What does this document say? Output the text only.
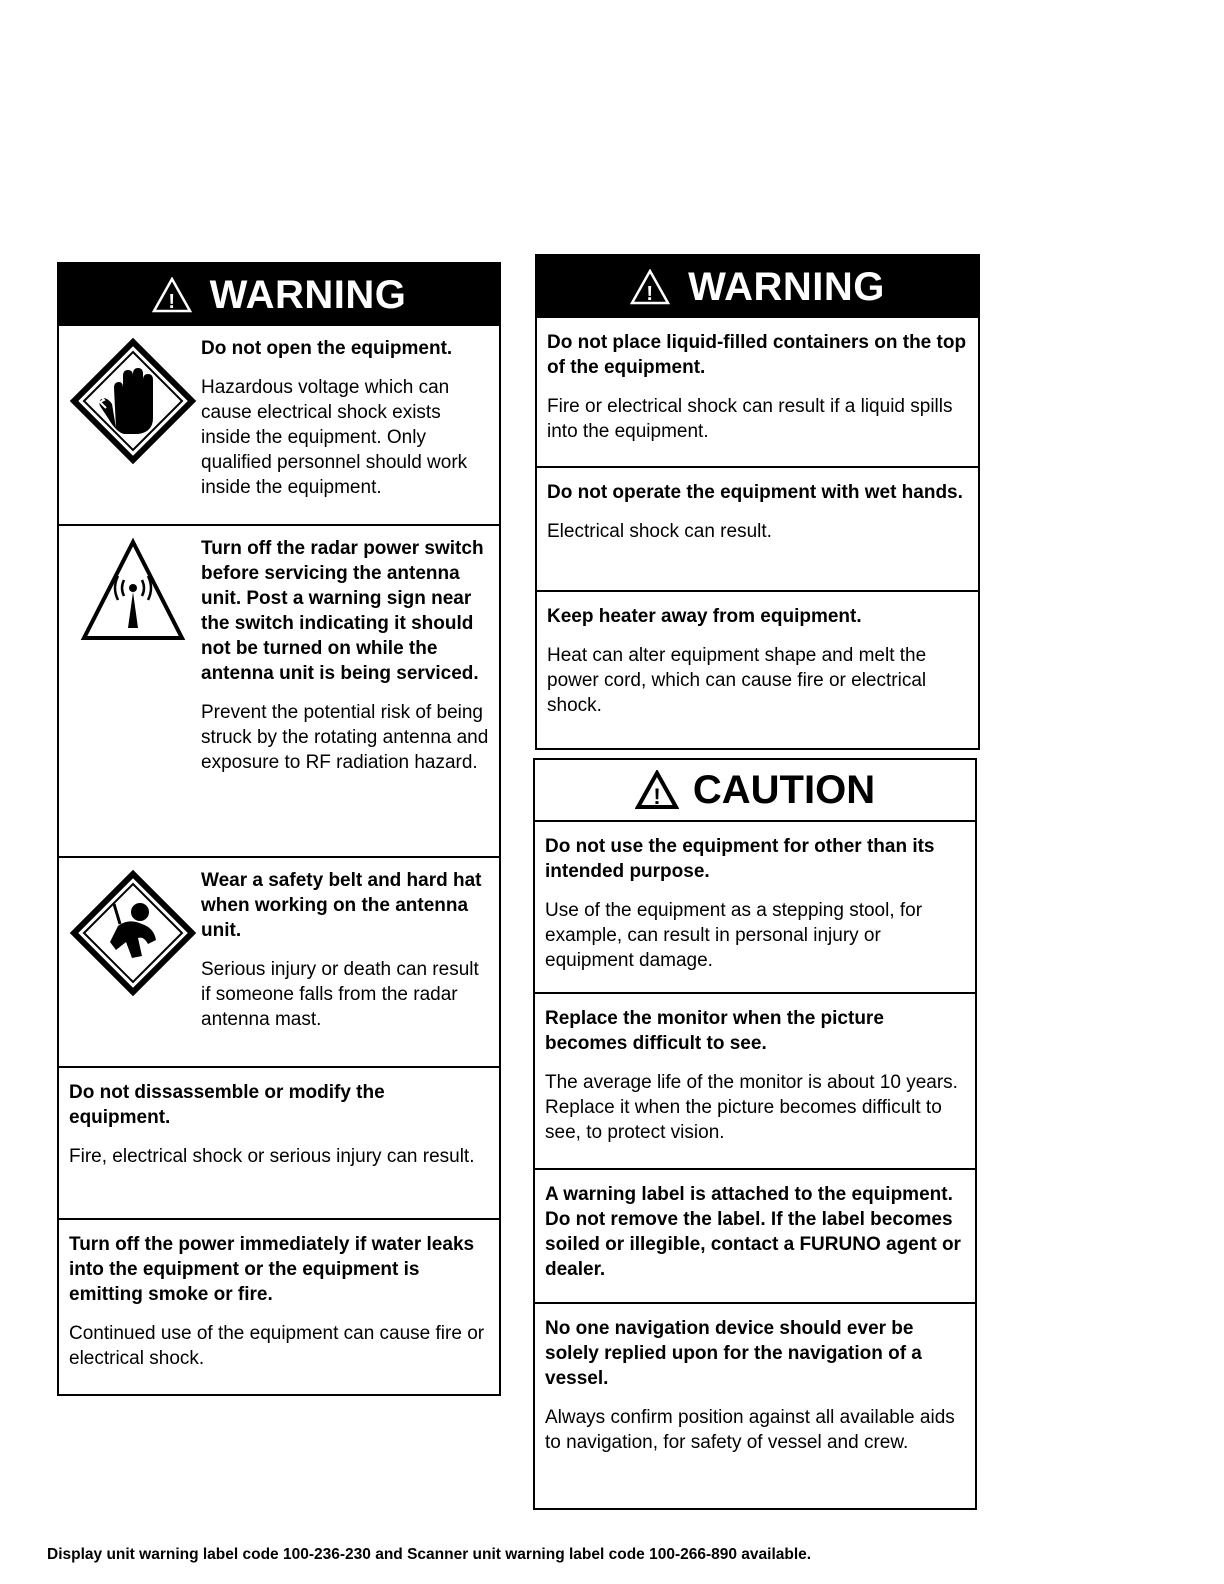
! WARNING

Do not open the equipment.

Hazardous voltage which can cause electrical shock exists inside the equipment. Only qualified personnel should work inside the equipment.

Turn off the radar power switch before servicing the antenna unit. Post a warning sign near the switch indicating it should not be turned on while the antenna unit is being serviced.

Prevent the potential risk of being struck by the rotating antenna and exposure to RF radiation hazard.

Wear a safety belt and hard hat when working on the antenna unit.

Serious injury or death can result if someone falls from the radar antenna mast.

Do not dissassemble or modify the equipment.

Fire, electrical shock or serious injury can result.

Turn off the power immediately if water leaks into the equipment or the equipment is emitting smoke or fire.

Continued use of the equipment can cause fire or electrical shock.

! WARNING

Do not place liquid-filled containers on the top of the equipment.

Fire or electrical shock can result if a liquid spills into the equipment.

Do not operate the equipment with wet hands.

Electrical shock can result.

Keep heater away from equipment.

Heat can alter equipment shape and melt the power cord, which can cause fire or electrical shock.

! CAUTION

Do not use the equipment for other than its intended purpose.

Use of the equipment as a stepping stool, for example, can result in personal injury or equipment damage.

Replace the monitor when the picture becomes difficult to see.

The average life of the monitor is about 10 years. Replace it when the picture becomes difficult to see, to protect vision.

A warning label is attached to the equipment. Do not remove the label. If the label becomes soiled or illegible, contact a FURUNO agent or dealer.

No one navigation device should ever be solely replied upon for the navigation of a vessel.

Always confirm position against all available aids to navigation, for safety of vessel and crew.

Display unit warning label code 100-236-230 and Scanner unit warning label code 100-266-890 available.
